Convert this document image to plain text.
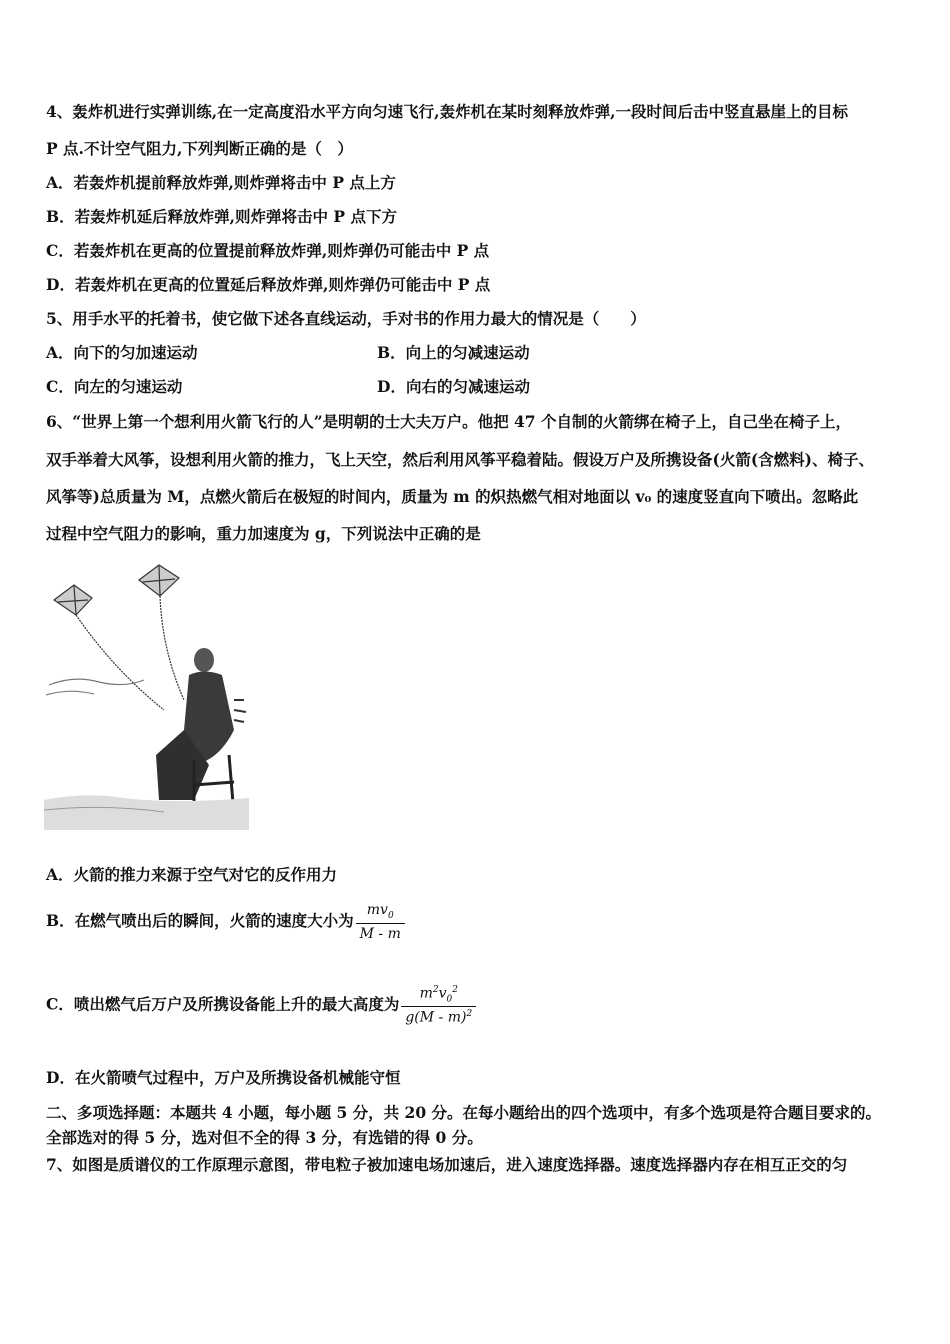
4、轰炸机进行实弹训练,在一定高度沿水平方向匀速飞行,轰炸机在某时刻释放炸弹,一段时间后击中竖直悬崖上的目标
P 点.不计空气阻力,下列判断正确的是（　）
A．若轰炸机提前释放炸弹,则炸弹将击中 P 点上方
B．若轰炸机延后释放炸弹,则炸弹将击中 P 点下方
C．若轰炸机在更高的位置提前释放炸弹,则炸弹仍可能击中 P 点
D．若轰炸机在更高的位置延后释放炸弹,则炸弹仍可能击中 P 点
5、用手水平的托着书，使它做下述各直线运动，手对书的作用力最大的情况是（　　）
A．向下的匀加速运动	B．向上的匀减速运动
C．向左的匀速运动	D．向右的匀减速运动
6、“世界上第一个想利用火箭飞行的人”是明朝的士大夫万户。他把 47 个自制的火箭绑在椅子上，自己坐在椅子上，
双手举着大风筝，设想利用火箭的推力，飞上天空，然后利用风筝平稳着陆。假设万户及所携设备(火箭(含燃料)、椅子、
风筝等)总质量为 M，点燃火箭后在极短的时间内，质量为 m 的炽热燃气相对地面以 v₀ 的速度竖直向下喷出。忽略此
过程中空气阻力的影响，重力加速度为 g，下列说法中正确的是
A．火箭的推力来源于空气对它的反作用力
B．在燃气喷出后的瞬间，火箭的速度大小为 $\frac{mv_0}{M - m}$
C．喷出燃气后万户及所携设备能上升的最大高度为 $\frac{m^2v_0^2}{g(M - m)^2}$
D．在火箭喷气过程中，万户及所携设备机械能守恒
二、多项选择题：本题共 4 小题，每小题 5 分，共 20 分。在每小题给出的四个选项中，有多个选项是符合题目要求的。
全部选对的得 5 分，选对但不全的得 3 分，有选错的得 0 分。
7、如图是质谱仪的工作原理示意图，带电粒子被加速电场加速后，进入速度选择器。速度选择器内存在相互正交的匀
